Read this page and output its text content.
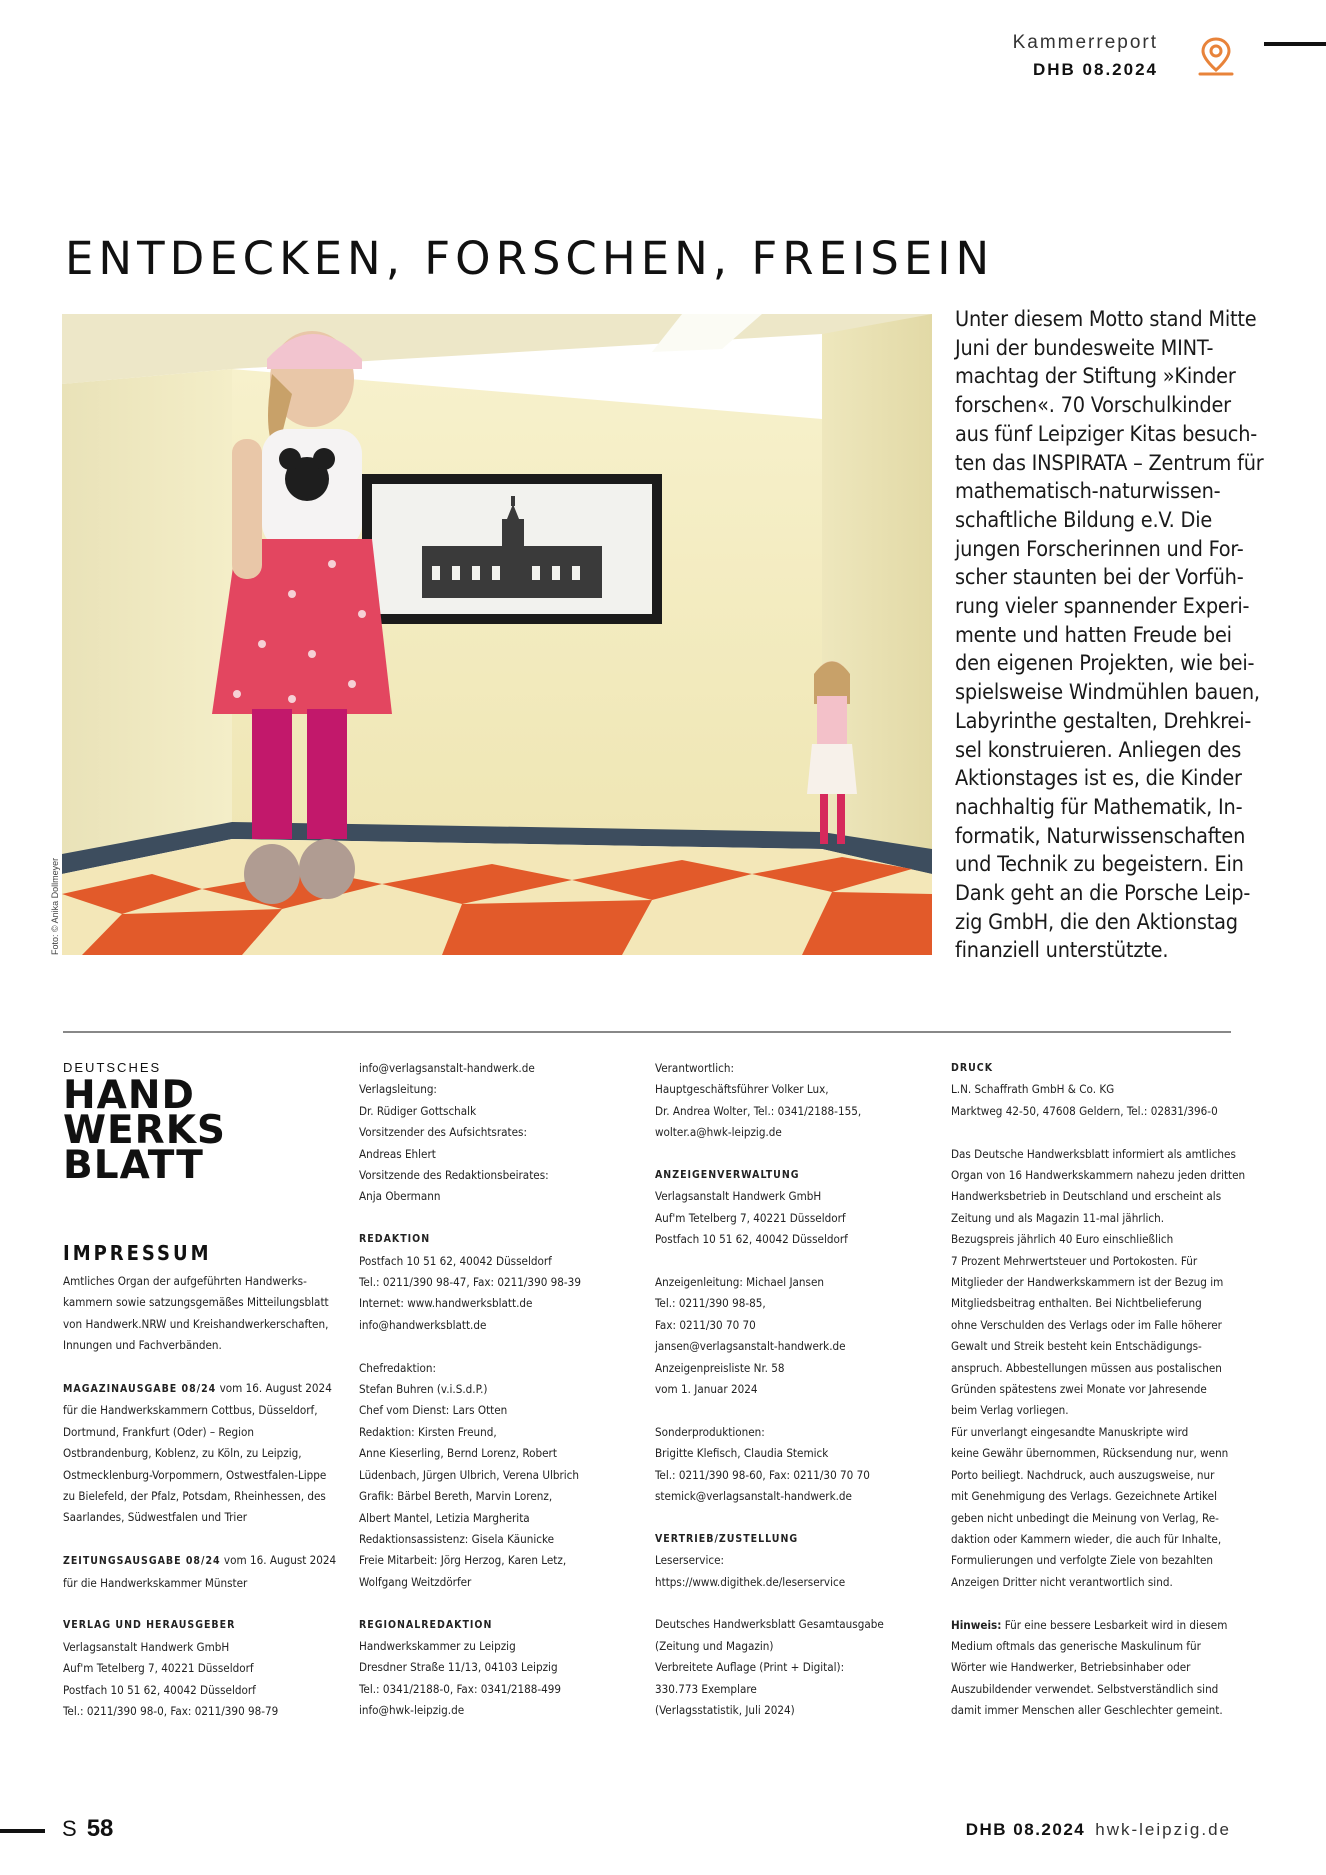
Kammerreport
DHB 08.2024
ENTDECKEN, FORSCHEN, FREISEIN
Foto: © Anika Dollmeyer
Unter diesem Motto stand Mitte
Juni der bundesweite MINT-
machtag der Stiftung »Kinder
forschen«. 70 Vorschulkinder
aus fünf Leipziger Kitas besuch-
ten das INSPIRATA – Zentrum für
mathematisch-naturwissen-
schaftliche Bildung e.V. Die
jungen Forscherinnen und For-
scher staunten bei der Vorfüh-
rung vieler spannender Experi-
mente und hatten Freude bei
den eigenen Projekten, wie bei-
spielsweise Windmühlen bauen,
Labyrinthe gestalten, Drehkrei-
sel konstruieren. Anliegen des
Aktionstages ist es, die Kinder
nachhaltig für Mathematik, In-
formatik, Naturwissenschaften
und Technik zu begeistern. Ein
Dank geht an die Porsche Leip-
zig GmbH, die den Aktionstag
finanziell unterstützte.
DEUTSCHES
HAND
WERKS
BLATT
IMPRESSUM
Amtliches Organ der aufgeführten Handwerks-
kammern sowie satzungsgemäßes Mitteilungsblatt
von Handwerk.NRW und Kreishandwerkerschaften,
Innungen und Fachverbänden.
MAGAZINAUSGABE 08/24 vom 16. August 2024
für die Handwerkskammern Cottbus, Düsseldorf,
Dortmund, Frankfurt (Oder) – Region
Ostbrandenburg, Koblenz, zu Köln, zu Leipzig,
Ostmecklenburg-Vorpommern, Ostwestfalen-Lippe
zu Bielefeld, der Pfalz, Potsdam, Rheinhessen, des
Saarlandes, Südwestfalen und Trier
ZEITUNGSAUSGABE 08/24 vom 16. August 2024
für die Handwerkskammer Münster
VERLAG UND HERAUSGEBER
Verlagsanstalt Handwerk GmbH
Auf'm Tetelberg 7, 40221 Düsseldorf
Postfach 10 51 62, 40042 Düsseldorf
Tel.: 0211/390 98-0, Fax: 0211/390 98-79
info@verlagsanstalt-handwerk.de
Verlagsleitung:
Dr. Rüdiger Gottschalk
Vorsitzender des Aufsichtsrates:
Andreas Ehlert
Vorsitzende des Redaktionsbeirates:
Anja Obermann
REDAKTION
Postfach 10 51 62, 40042 Düsseldorf
Tel.: 0211/390 98-47, Fax: 0211/390 98-39
Internet: www.handwerksblatt.de
info@handwerksblatt.de
Chefredaktion:
Stefan Buhren (v.i.S.d.P.)
Chef vom Dienst: Lars Otten
Redaktion: Kirsten Freund,
Anne Kieserling, Bernd Lorenz, Robert
Lüdenbach, Jürgen Ulbrich, Verena Ulbrich
Grafik: Bärbel Bereth, Marvin Lorenz,
Albert Mantel, Letizia Margherita
Redaktionsassistenz: Gisela Käunicke
Freie Mitarbeit: Jörg Herzog, Karen Letz,
Wolfgang Weitzdörfer
REGIONALREDAKTION
Handwerkskammer zu Leipzig
Dresdner Straße 11/13, 04103 Leipzig
Tel.: 0341/2188-0, Fax: 0341/2188-499
info@hwk-leipzig.de
Verantwortlich:
Hauptgeschäftsführer Volker Lux,
Dr. Andrea Wolter, Tel.: 0341/2188-155,
wolter.a@hwk-leipzig.de
ANZEIGENVERWALTUNG
Verlagsanstalt Handwerk GmbH
Auf'm Tetelberg 7, 40221 Düsseldorf
Postfach 10 51 62, 40042 Düsseldorf
Anzeigenleitung: Michael Jansen
Tel.: 0211/390 98-85,
Fax: 0211/30 70 70
jansen@verlagsanstalt-handwerk.de
Anzeigenpreisliste Nr. 58
vom 1. Januar 2024
Sonderproduktionen:
Brigitte Klefisch, Claudia Stemick
Tel.: 0211/390 98-60, Fax: 0211/30 70 70
stemick@verlagsanstalt-handwerk.de
VERTRIEB/ZUSTELLUNG
Leserservice:
https://www.digithek.de/leserservice
Deutsches Handwerksblatt Gesamtausgabe
(Zeitung und Magazin)
Verbreitete Auflage (Print + Digital):
330.773 Exemplare
(Verlagsstatistik, Juli 2024)
DRUCK
L.N. Schaffrath GmbH & Co. KG
Marktweg 42-50, 47608 Geldern, Tel.: 02831/396-0
Das Deutsche Handwerksblatt informiert als amtliches
Organ von 16 Handwerkskammern nahezu jeden dritten
Handwerksbetrieb in Deutschland und erscheint als
Zeitung und als Magazin 11-mal jährlich.
Bezugspreis jährlich 40 Euro einschließlich
7 Prozent Mehrwertsteuer und Portokosten. Für
Mitglieder der Handwerkskammern ist der Bezug im
Mitgliedsbeitrag enthalten. Bei Nichtbelieferung
ohne Verschulden des Verlags oder im Falle höherer
Gewalt und Streik besteht kein Entschädigungs-
anspruch. Abbestellungen müssen aus postalischen
Gründen spätestens zwei Monate vor Jahresende
beim Verlag vorliegen.
Für unverlangt eingesandte Manuskripte wird
keine Gewähr übernommen, Rücksendung nur, wenn
Porto beiliegt. Nachdruck, auch auszugsweise, nur
mit Genehmigung des Verlags. Gezeichnete Artikel
geben nicht unbedingt die Meinung von Verlag, Re-
daktion oder Kammern wieder, die auch für Inhalte,
Formulierungen und verfolgte Ziele von bezahlten
Anzeigen Dritter nicht verantwortlich sind.
Hinweis: Für eine bessere Lesbarkeit wird in diesem
Medium oftmals das generische Maskulinum für
Wörter wie Handwerker, Betriebsinhaber oder
Auszubildender verwendet. Selbstverständlich sind
damit immer Menschen aller Geschlechter gemeint.
S 58	DHB 08.2024 hwk-leipzig.de
